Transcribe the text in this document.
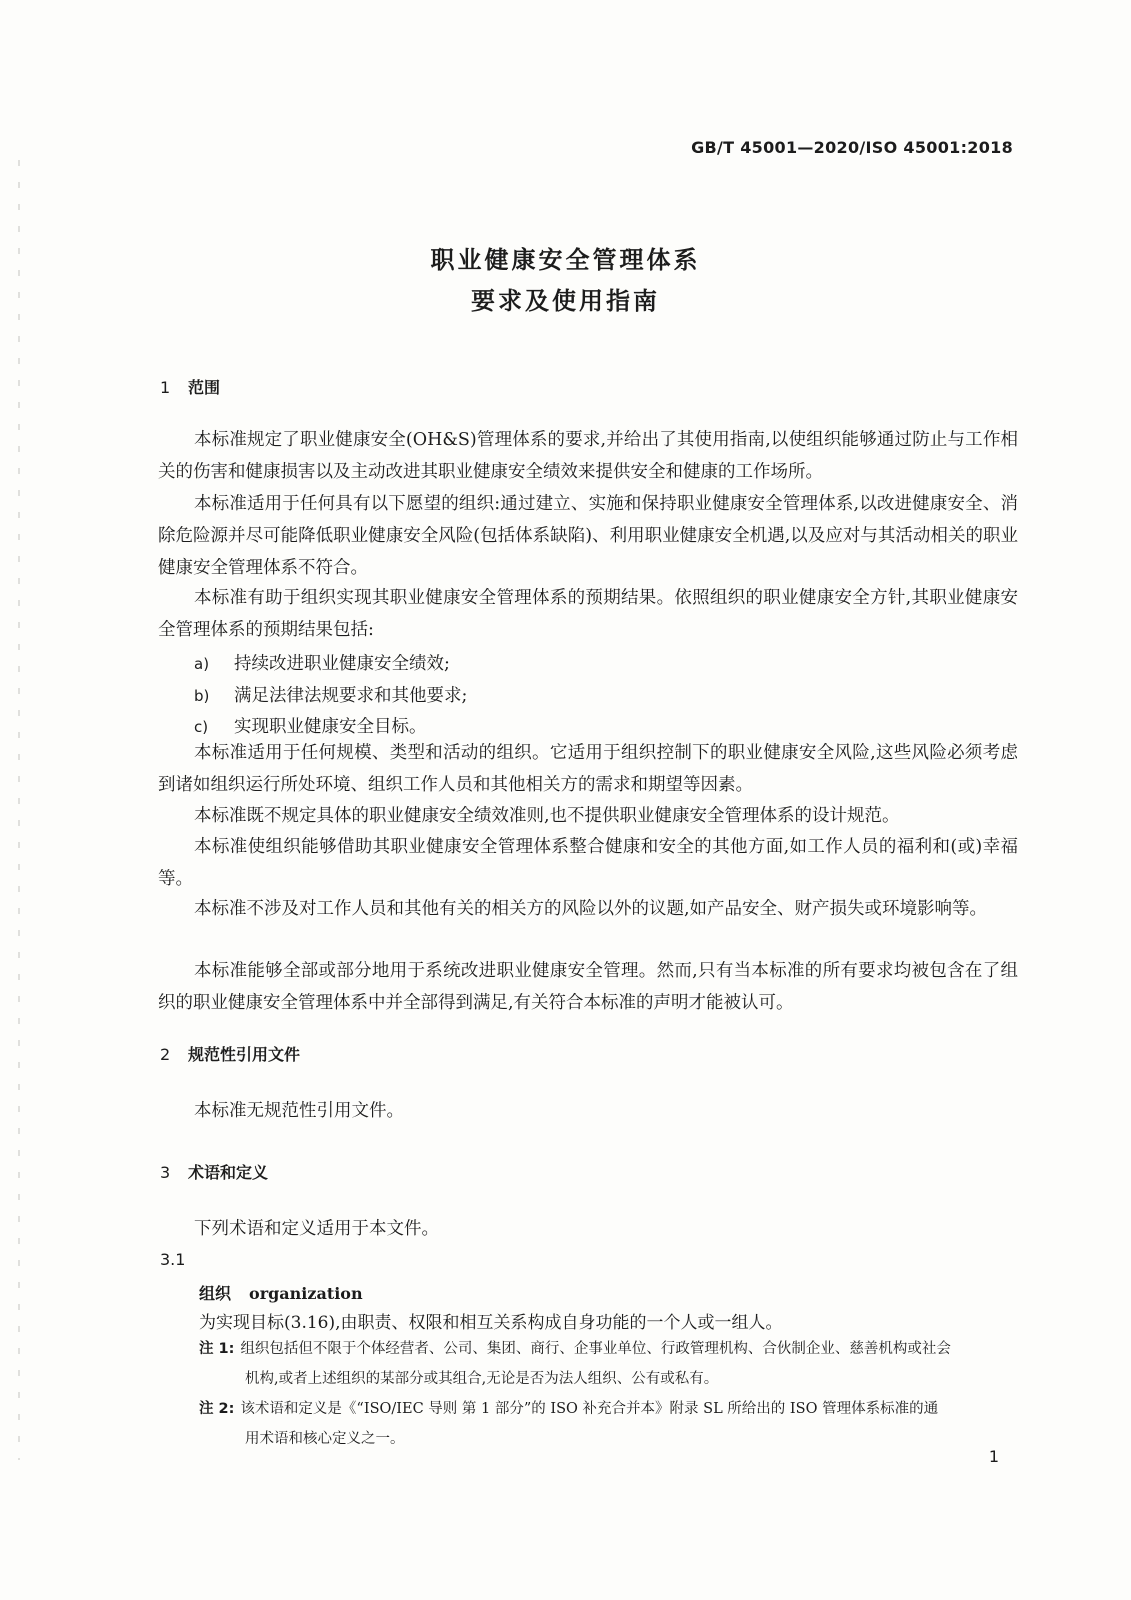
GB/T 45001—2020/ISO 45001:2018
职业健康安全管理体系
要求及使用指南
1 范围
本标准规定了职业健康安全(OH&S)管理体系的要求,并给出了其使用指南,以使组织能够通过防止与工作相关的伤害和健康损害以及主动改进其职业健康安全绩效来提供安全和健康的工作场所。
本标准适用于任何具有以下愿望的组织:通过建立、实施和保持职业健康安全管理体系,以改进健康安全、消除危险源并尽可能降低职业健康安全风险(包括体系缺陷)、利用职业健康安全机遇,以及应对与其活动相关的职业健康安全管理体系不符合。
本标准有助于组织实现其职业健康安全管理体系的预期结果。依照组织的职业健康安全方针,其职业健康安全管理体系的预期结果包括:
a) 持续改进职业健康安全绩效;
b) 满足法律法规要求和其他要求;
c) 实现职业健康安全目标。
本标准适用于任何规模、类型和活动的组织。它适用于组织控制下的职业健康安全风险,这些风险必须考虑到诸如组织运行所处环境、组织工作人员和其他相关方的需求和期望等因素。
本标准既不规定具体的职业健康安全绩效准则,也不提供职业健康安全管理体系的设计规范。
本标准使组织能够借助其职业健康安全管理体系整合健康和安全的其他方面,如工作人员的福利和(或)幸福等。
本标准不涉及对工作人员和其他有关的相关方的风险以外的议题,如产品安全、财产损失或环境影响等。
本标准能够全部或部分地用于系统改进职业健康安全管理。然而,只有当本标准的所有要求均被包含在了组织的职业健康安全管理体系中并全部得到满足,有关符合本标准的声明才能被认可。
2 规范性引用文件
本标准无规范性引用文件。
3 术语和定义
下列术语和定义适用于本文件。
3.1
组织 organization
为实现目标(3.16),由职责、权限和相互关系构成自身功能的一个人或一组人。
注 1: 组织包括但不限于个体经营者、公司、集团、商行、企事业单位、行政管理机构、合伙制企业、慈善机构或社会
机构,或者上述组织的某部分或其组合,无论是否为法人组织、公有或私有。
注 2: 该术语和定义是《“ISO/IEC 导则 第 1 部分”的 ISO 补充合并本》附录 SL 所给出的 ISO 管理体系标准的通
用术语和核心定义之一。
1
